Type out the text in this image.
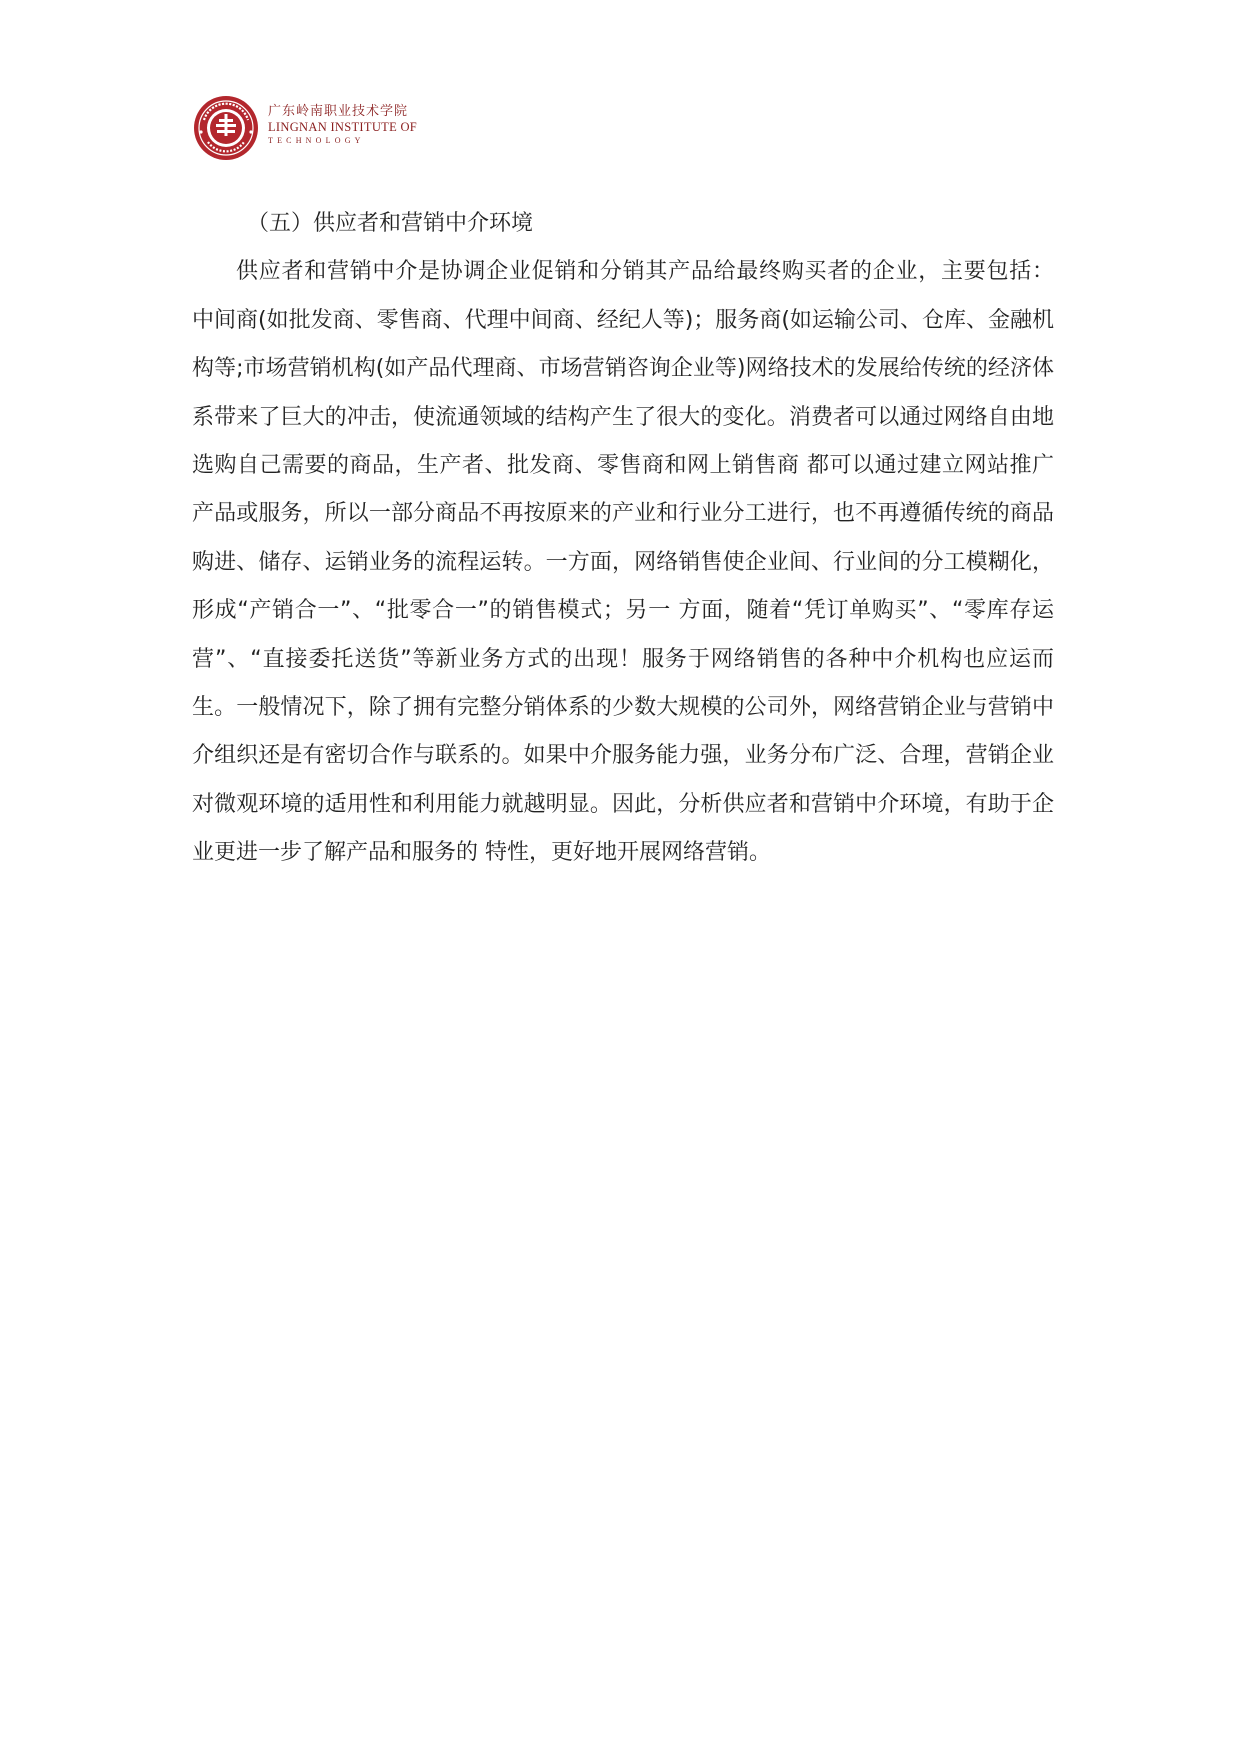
广东岭南职业技术学院
LINGNAN INSTITUTE OF
TECHNOLOGY

（五）供应者和营销中介环境

供应者和营销中介是协调企业促销和分销其产品给最终购买者的企业，主要包括： 中间商(如批发商、零售商、代理中间商、经纪人等)；服务商(如运输公司、仓库、金融机构等;市场营销机构(如产品代理商、市场营销咨询企业等)网络技术的发展给传统的经济体系带来了巨大的冲击，使流通领域的结构产生了很大的变化。消费者可以通过网络自由地选购自己需要的商品，生产者、批发商、零售商和网上销售商 都可以通过建立网站推广产品或服务，所以一部分商品不再按原来的产业和行业分工进行，也不再遵循传统的商品购进、储存、运销业务的流程运转。一方面，网络销售使企业间、行业间的分工模糊化，形成“产销合一”、“批零合一”的销售模式；另一 方面，随着“凭订单购买”、“零库存运营”、“直接委托送货”等新业务方式的出现！服务于网络销售的各种中介机构也应运而生。一般情况下，除了拥有完整分销体系的少数大规模的公司外，网络营销企业与营销中介组织还是有密切合作与联系的。如果中介服务能力强，业务分布广泛、合理，营销企业对微观环境的适用性和利用能力就越明显。因此，分析供应者和营销中介环境，有助于企业更进一步了解产品和服务的 特性，更好地开展网络营销。
